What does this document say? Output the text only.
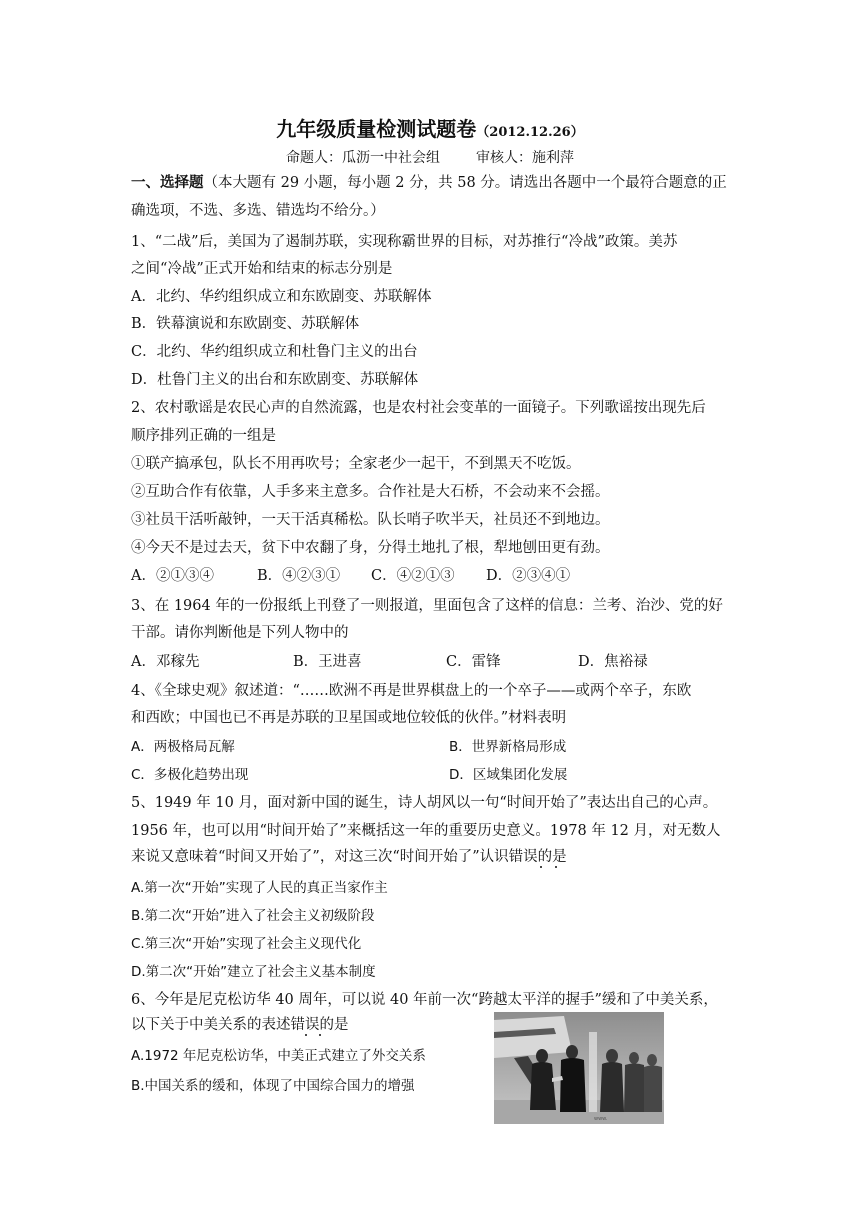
九年级质量检测试题卷（2012.12.26）
命题人：瓜沥一中社会组	审核人：施利萍
一、选择题（本大题有 29 小题，每小题 2 分，共 58 分。请选出各题中一个最符合题意的正
确选项，不选、多选、错选均不给分。）
1、“二战”后，美国为了遏制苏联，实现称霸世界的目标，对苏推行“冷战”政策。美苏
之间“冷战”正式开始和结束的标志分别是
A．北约、华约组织成立和东欧剧变、苏联解体
B．铁幕演说和东欧剧变、苏联解体
C．北约、华约组织成立和杜鲁门主义的出台
D．杜鲁门主义的出台和东欧剧变、苏联解体
2、农村歌谣是农民心声的自然流露，也是农村社会变革的一面镜子。下列歌谣按出现先后
顺序排列正确的一组是
①联产搞承包，队长不用再吹号；全家老少一起干，不到黑天不吃饭。
②互助合作有依靠，人手多来主意多。合作社是大石桥，不会动来不会摇。
③社员干活听敲钟，一天干活真稀松。队长哨子吹半天，社员还不到地边。
④今天不是过去天，贫下中农翻了身，分得土地扎了根，犁地刨田更有劲。
A．②①③④	B．④②③① C．④②①③ D．②③④①
3、在 1964 年的一份报纸上刊登了一则报道，里面包含了这样的信息：兰考、治沙、党的好
干部。请你判断他是下列人物中的
A．邓稼先	B．王进喜	C．雷锋	D．焦裕禄
4、《全球史观》叙述道：“……欧洲不再是世界棋盘上的一个卒子——或两个卒子，东欧
和西欧；中国也已不再是苏联的卫星国或地位较低的伙伴。”材料表明
A．两极格局瓦解	B．世界新格局形成
C．多极化趋势出现	D．区域集团化发展
5、1949 年 10 月，面对新中国的诞生，诗人胡风以一句“时间开始了”表达出自己的心声。
1956 年，也可以用“时间开始了”来概括这一年的重要历史意义。1978 年 12 月，对无数人
来说又意味着“时间又开始了”，对这三次“时间开始了”认识错误的是
A.第一次“开始”实现了人民的真正当家作主
B.第二次“开始”进入了社会主义初级阶段
C.第三次“开始”实现了社会主义现代化
D.第二次“开始”建立了社会主义基本制度
6、今年是尼克松访华 40 周年，可以说 40 年前一次“跨越太平洋的握手”缓和了中美关系，
以下关于中美关系的表述错误的是
A.1972 年尼克松访华，中美正式建立了外交关系
B.中国关系的缓和，体现了中国综合国力的增强
www.
